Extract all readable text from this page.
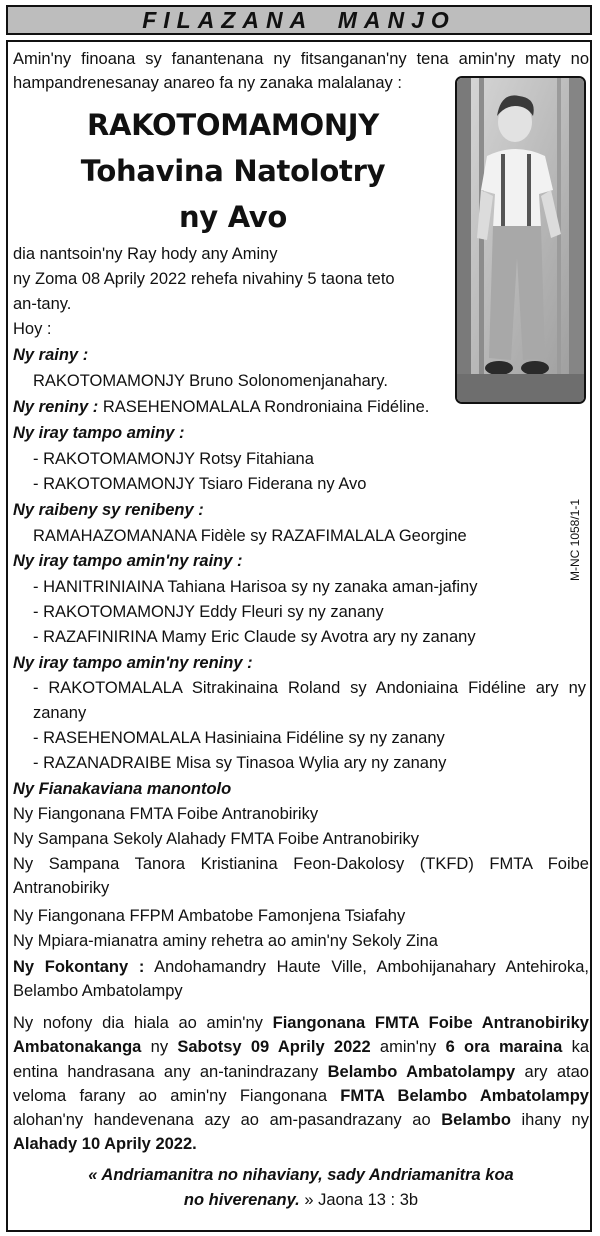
FILAZANA MANJO
Amin'ny finoana sy fanantenana ny fitsanganan'ny tena amin'ny maty no
hampandrenesanay anareo fa ny zanaka malalanay :
RAKOTOMAMONJY
Tohavina Natolotry
ny Avo
M-NC 1058/1-1
dia nantsoin'ny Ray hody any Aminy
ny Zoma 08 Aprily 2022 rehefa nivahiny 5 taona teto
an-tany.
Hoy :
Ny rainy :
RAKOTOMAMONJY Bruno Solonomenjanahary.
Ny reniny : RASEHENOMALALA Rondroniaina Fidéline.
Ny iray tampo aminy :
- RAKOTOMAMONJY Rotsy Fitahiana
- RAKOTOMAMONJY Tsiaro Fiderana ny Avo
Ny raibeny sy renibeny :
RAMAHAZOMANANA Fidèle sy RAZAFIMALALA Georgine
Ny iray tampo amin'ny rainy :
- HANITRINIAINA Tahiana Harisoa sy ny zanaka aman-jafiny
- RAKOTOMAMONJY Eddy Fleuri sy ny zanany
- RAZAFINIRINA Mamy Eric Claude sy Avotra ary ny zanany
Ny iray tampo amin'ny reniny :
- RAKOTOMALALA Sitrakinaina Roland sy Andoniaina Fidéline ary ny
zanany
- RASEHENOMALALA Hasiniaina Fidéline sy ny zanany
- RAZANADRAIBE Misa sy Tinasoa Wylia ary ny zanany
Ny Fianakaviana manontolo
Ny Fiangonana FMTA Foibe Antranobiriky
Ny Sampana Sekoly Alahady FMTA Foibe Antranobiriky
Ny Sampana Tanora Kristianina Feon-Dakolosy (TKFD) FMTA Foibe Antranobiriky
Ny Fiangonana FFPM Ambatobe Famonjena Tsiafahy
Ny Mpiara-mianatra aminy rehetra ao amin'ny Sekoly Zina
Ny Fokontany : Andohamandry Haute Ville, Ambohijanahary Antehiroka, Belambo Ambatolampy
Ny nofony dia hiala ao amin'ny Fiangonana FMTA Foibe Antranobiriky Ambatonakanga ny Sabotsy 09 Aprily 2022 amin'ny 6 ora maraina ka entina handrasana any an-tanindrazany Belambo Ambatolampy ary atao veloma farany ao amin'ny Fiangonana FMTA Belambo Ambatolampy alohan'ny handevenana azy ao am-pasandrazany ao Belambo ihany ny Alahady 10 Aprily 2022.
« Andriamanitra no nihaviany, sady Andriamanitra koa
no hiverenany. » Jaona 13 : 3b
